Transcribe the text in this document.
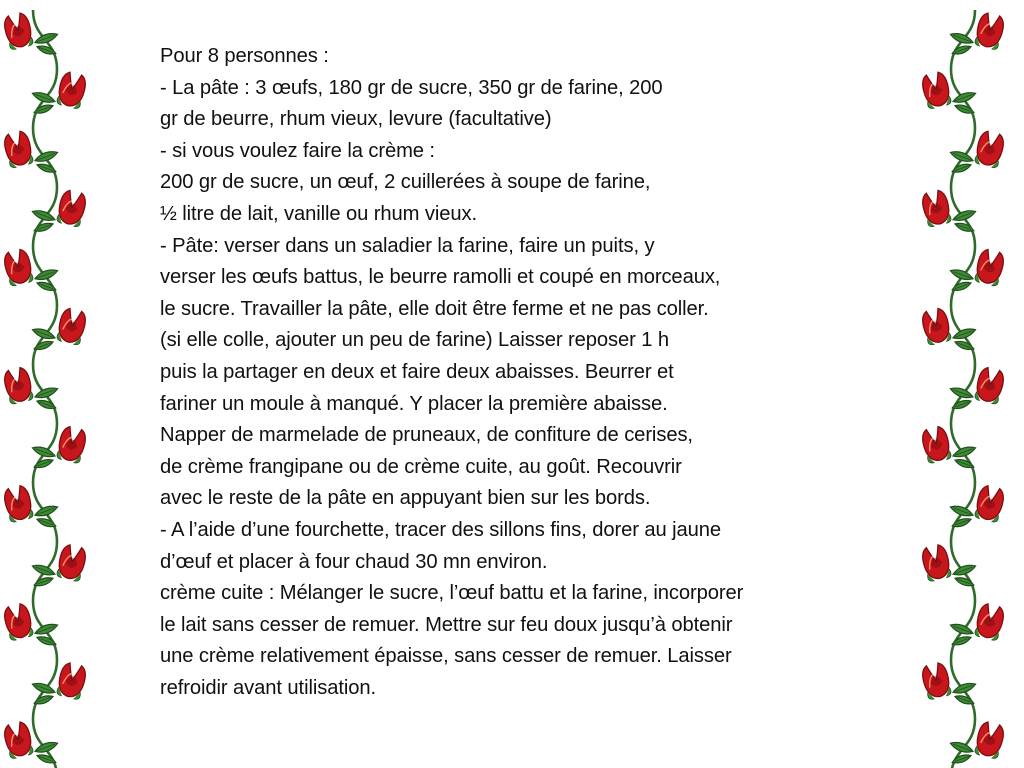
Pour 8 personnes :
- La pâte : 3 œufs, 180 gr de sucre, 350 gr de farine, 200
gr de beurre, rhum vieux, levure (facultative)
- si vous voulez faire la crème :
200 gr de sucre, un œuf, 2 cuillerées à soupe de farine,
½ litre de lait, vanille ou rhum vieux.
- Pâte: verser dans un saladier la farine, faire un puits, y
verser les œufs battus, le beurre ramolli et coupé en morceaux,
le sucre. Travailler la pâte, elle doit être ferme et ne pas coller.
(si elle colle, ajouter un peu de farine) Laisser reposer 1 h
puis la partager en deux et faire deux abaisses. Beurrer et
fariner un moule à manqué. Y placer la première abaisse.
Napper de marmelade de pruneaux, de confiture de cerises,
de crème frangipane ou de crème cuite, au goût. Recouvrir
avec le reste de la pâte en appuyant bien sur les bords.
- A l’aide d’une fourchette, tracer des sillons fins, dorer au jaune
d’œuf et placer à four chaud 30 mn environ.
crème cuite : Mélanger le sucre, l’œuf battu et la farine, incorporer
le lait sans cesser de remuer. Mettre sur feu doux jusqu’à obtenir
une crème relativement épaisse, sans cesser de remuer. Laisser
refroidir avant utilisation.
